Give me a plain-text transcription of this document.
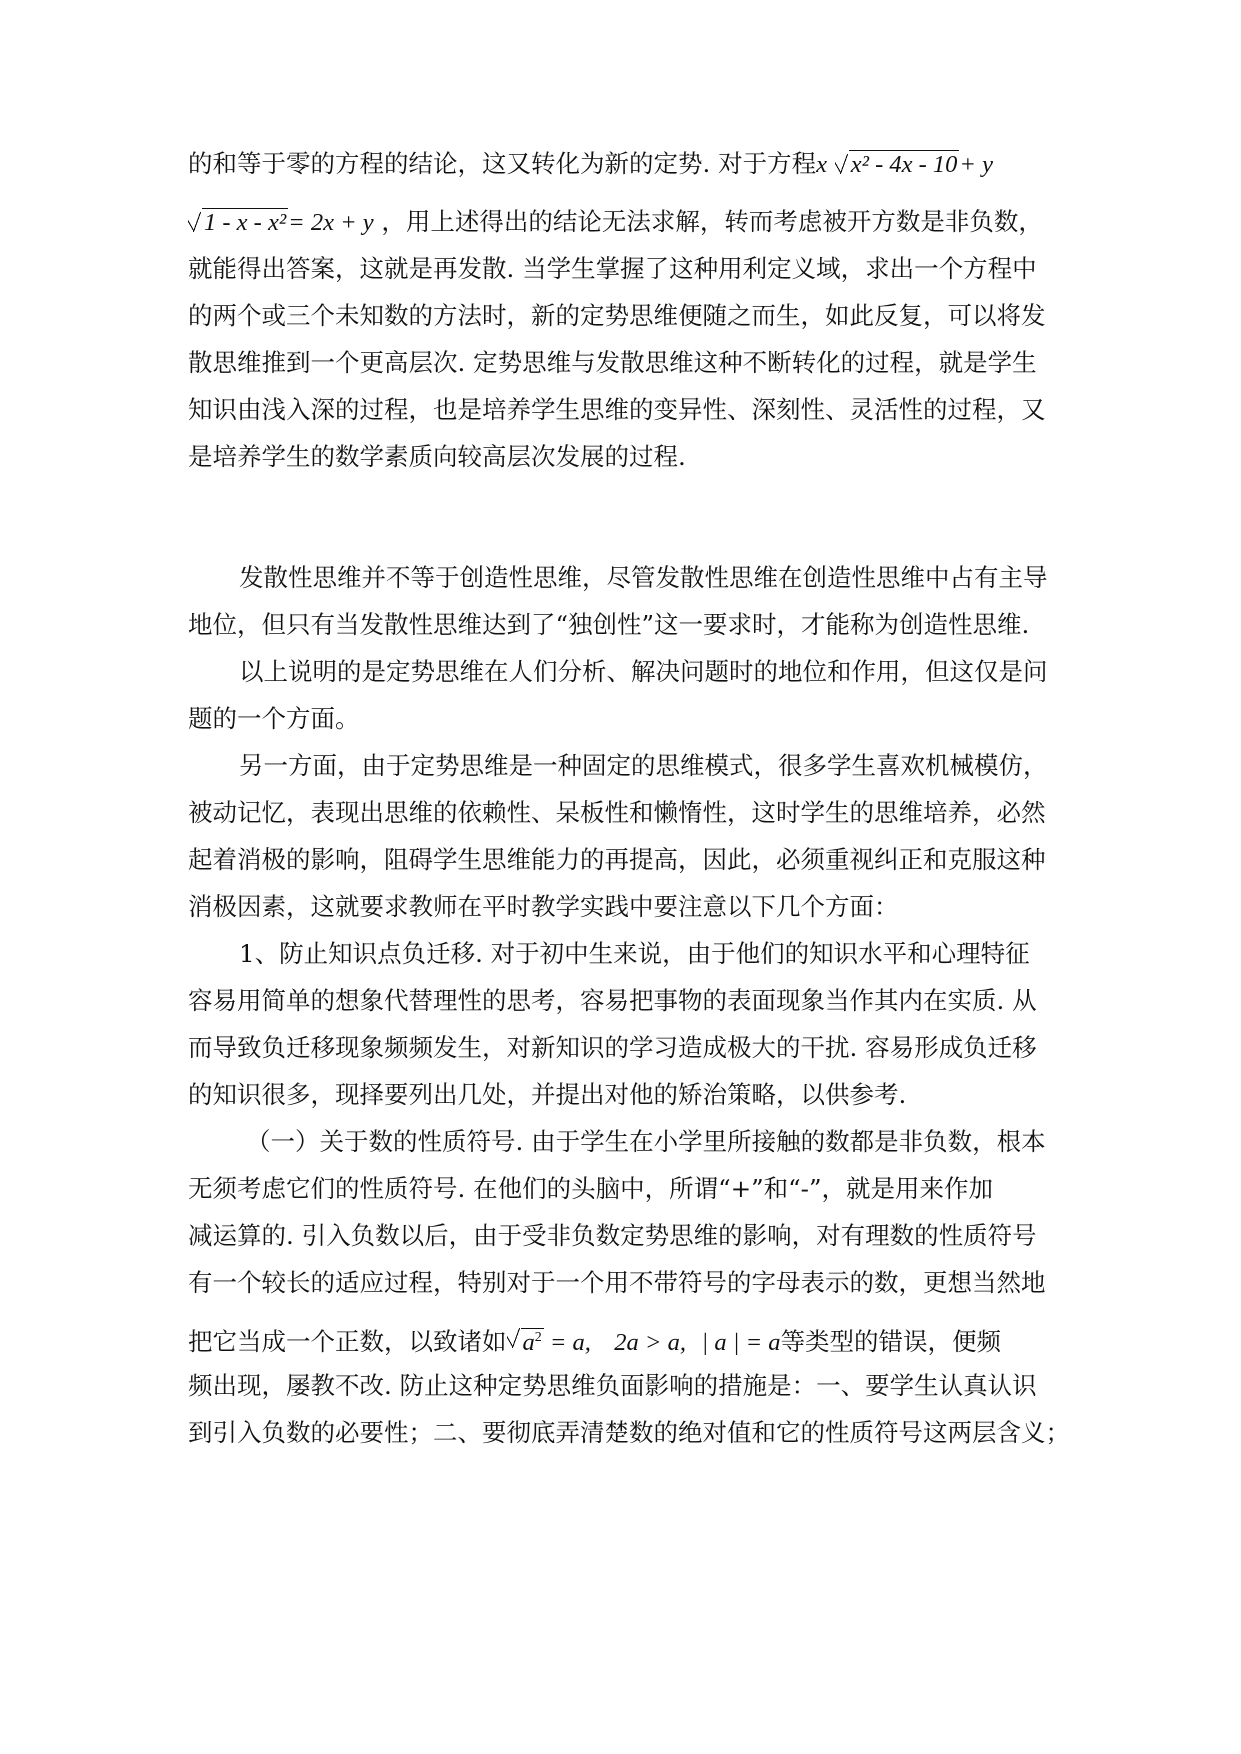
的和等于零的方程的结论，这又转化为新的定势. 对于方程x x² - 4x - 10+ y
1 - x - x²= 2x + y ，用上述得出的结论无法求解，转而考虑被开方数是非负数，
就能得出答案，这就是再发散. 当学生掌握了这种用利定义域，求出一个方程中
的两个或三个未知数的方法时，新的定势思维便随之而生，如此反复，可以将发
散思维推到一个更高层次. 定势思维与发散思维这种不断转化的过程，就是学生
知识由浅入深的过程，也是培养学生思维的变异性、深刻性、灵活性的过程，又
是培养学生的数学素质向较高层次发展的过程.
发散性思维并不等于创造性思维，尽管发散性思维在创造性思维中占有主导
地位，但只有当发散性思维达到了“独创性”这一要求时，才能称为创造性思维.
以上说明的是定势思维在人们分析、解决问题时的地位和作用，但这仅是问
题的一个方面。
另一方面，由于定势思维是一种固定的思维模式，很多学生喜欢机械模仿，
被动记忆，表现出思维的依赖性、呆板性和懒惰性，这时学生的思维培养，必然
起着消极的影响，阻碍学生思维能力的再提高，因此，必须重视纠正和克服这种
消极因素，这就要求教师在平时教学实践中要注意以下几个方面：
1、防止知识点负迁移. 对于初中生来说，由于他们的知识水平和心理特征
容易用简单的想象代替理性的思考，容易把事物的表面现象当作其内在实质. 从
而导致负迁移现象频频发生，对新知识的学习造成极大的干扰. 容易形成负迁移
的知识很多，现择要列出几处，并提出对他的矫治策略，以供参考.
（一）关于数的性质符号. 由于学生在小学里所接触的数都是非负数，根本
无须考虑它们的性质符号. 在他们的头脑中，所谓“+”和“-”，就是用来作加
减运算的. 引入负数以后，由于受非负数定势思维的影响，对有理数的性质符号
有一个较长的适应过程，特别对于一个用不带符号的字母表示的数，更想当然地
把它当成一个正数，以致诸如 $a^2 = a$, 2a > a, | a | = a等类型的错误，便频
频出现，屡教不改. 防止这种定势思维负面影响的措施是：一、要学生认真认识
到引入负数的必要性；二、要彻底弄清楚数的绝对值和它的性质符号这两层含义；
